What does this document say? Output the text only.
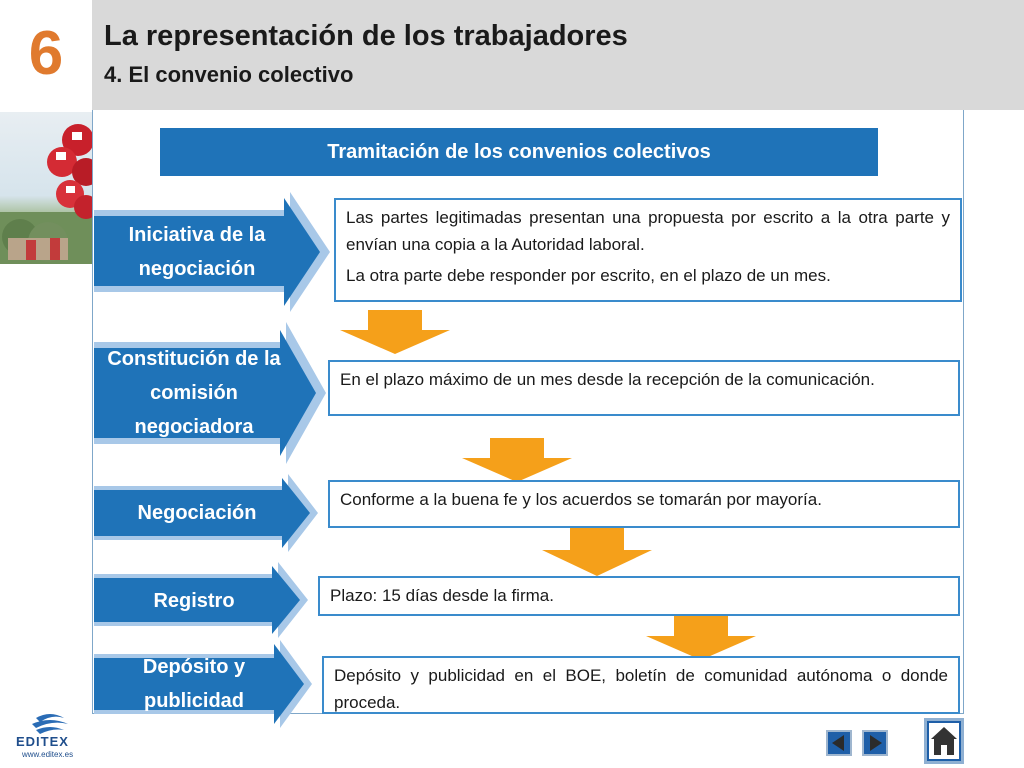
6	La representación de los trabajadores
4. El convenio colectivo
Tramitación de los convenios colectivos
Iniciativa de la
negociación

Las partes legitimadas presentan una propuesta por escrito a la otra parte y envían una copia a la Autoridad laboral.

La otra parte debe responder por escrito, en el plazo de un mes.

Constitución de la
comisión
negociadora

En el plazo máximo de un mes desde la recepción de la comunicación.

Negociación

Conforme a la buena fe y los acuerdos se tomarán por mayoría.

Registro	Plazo: 15 días desde la firma.

Depósito y
publicidad

Depósito y publicidad en el BOE, boletín de comunidad autónoma o donde proceda.

EDITEX
www.editex.es
